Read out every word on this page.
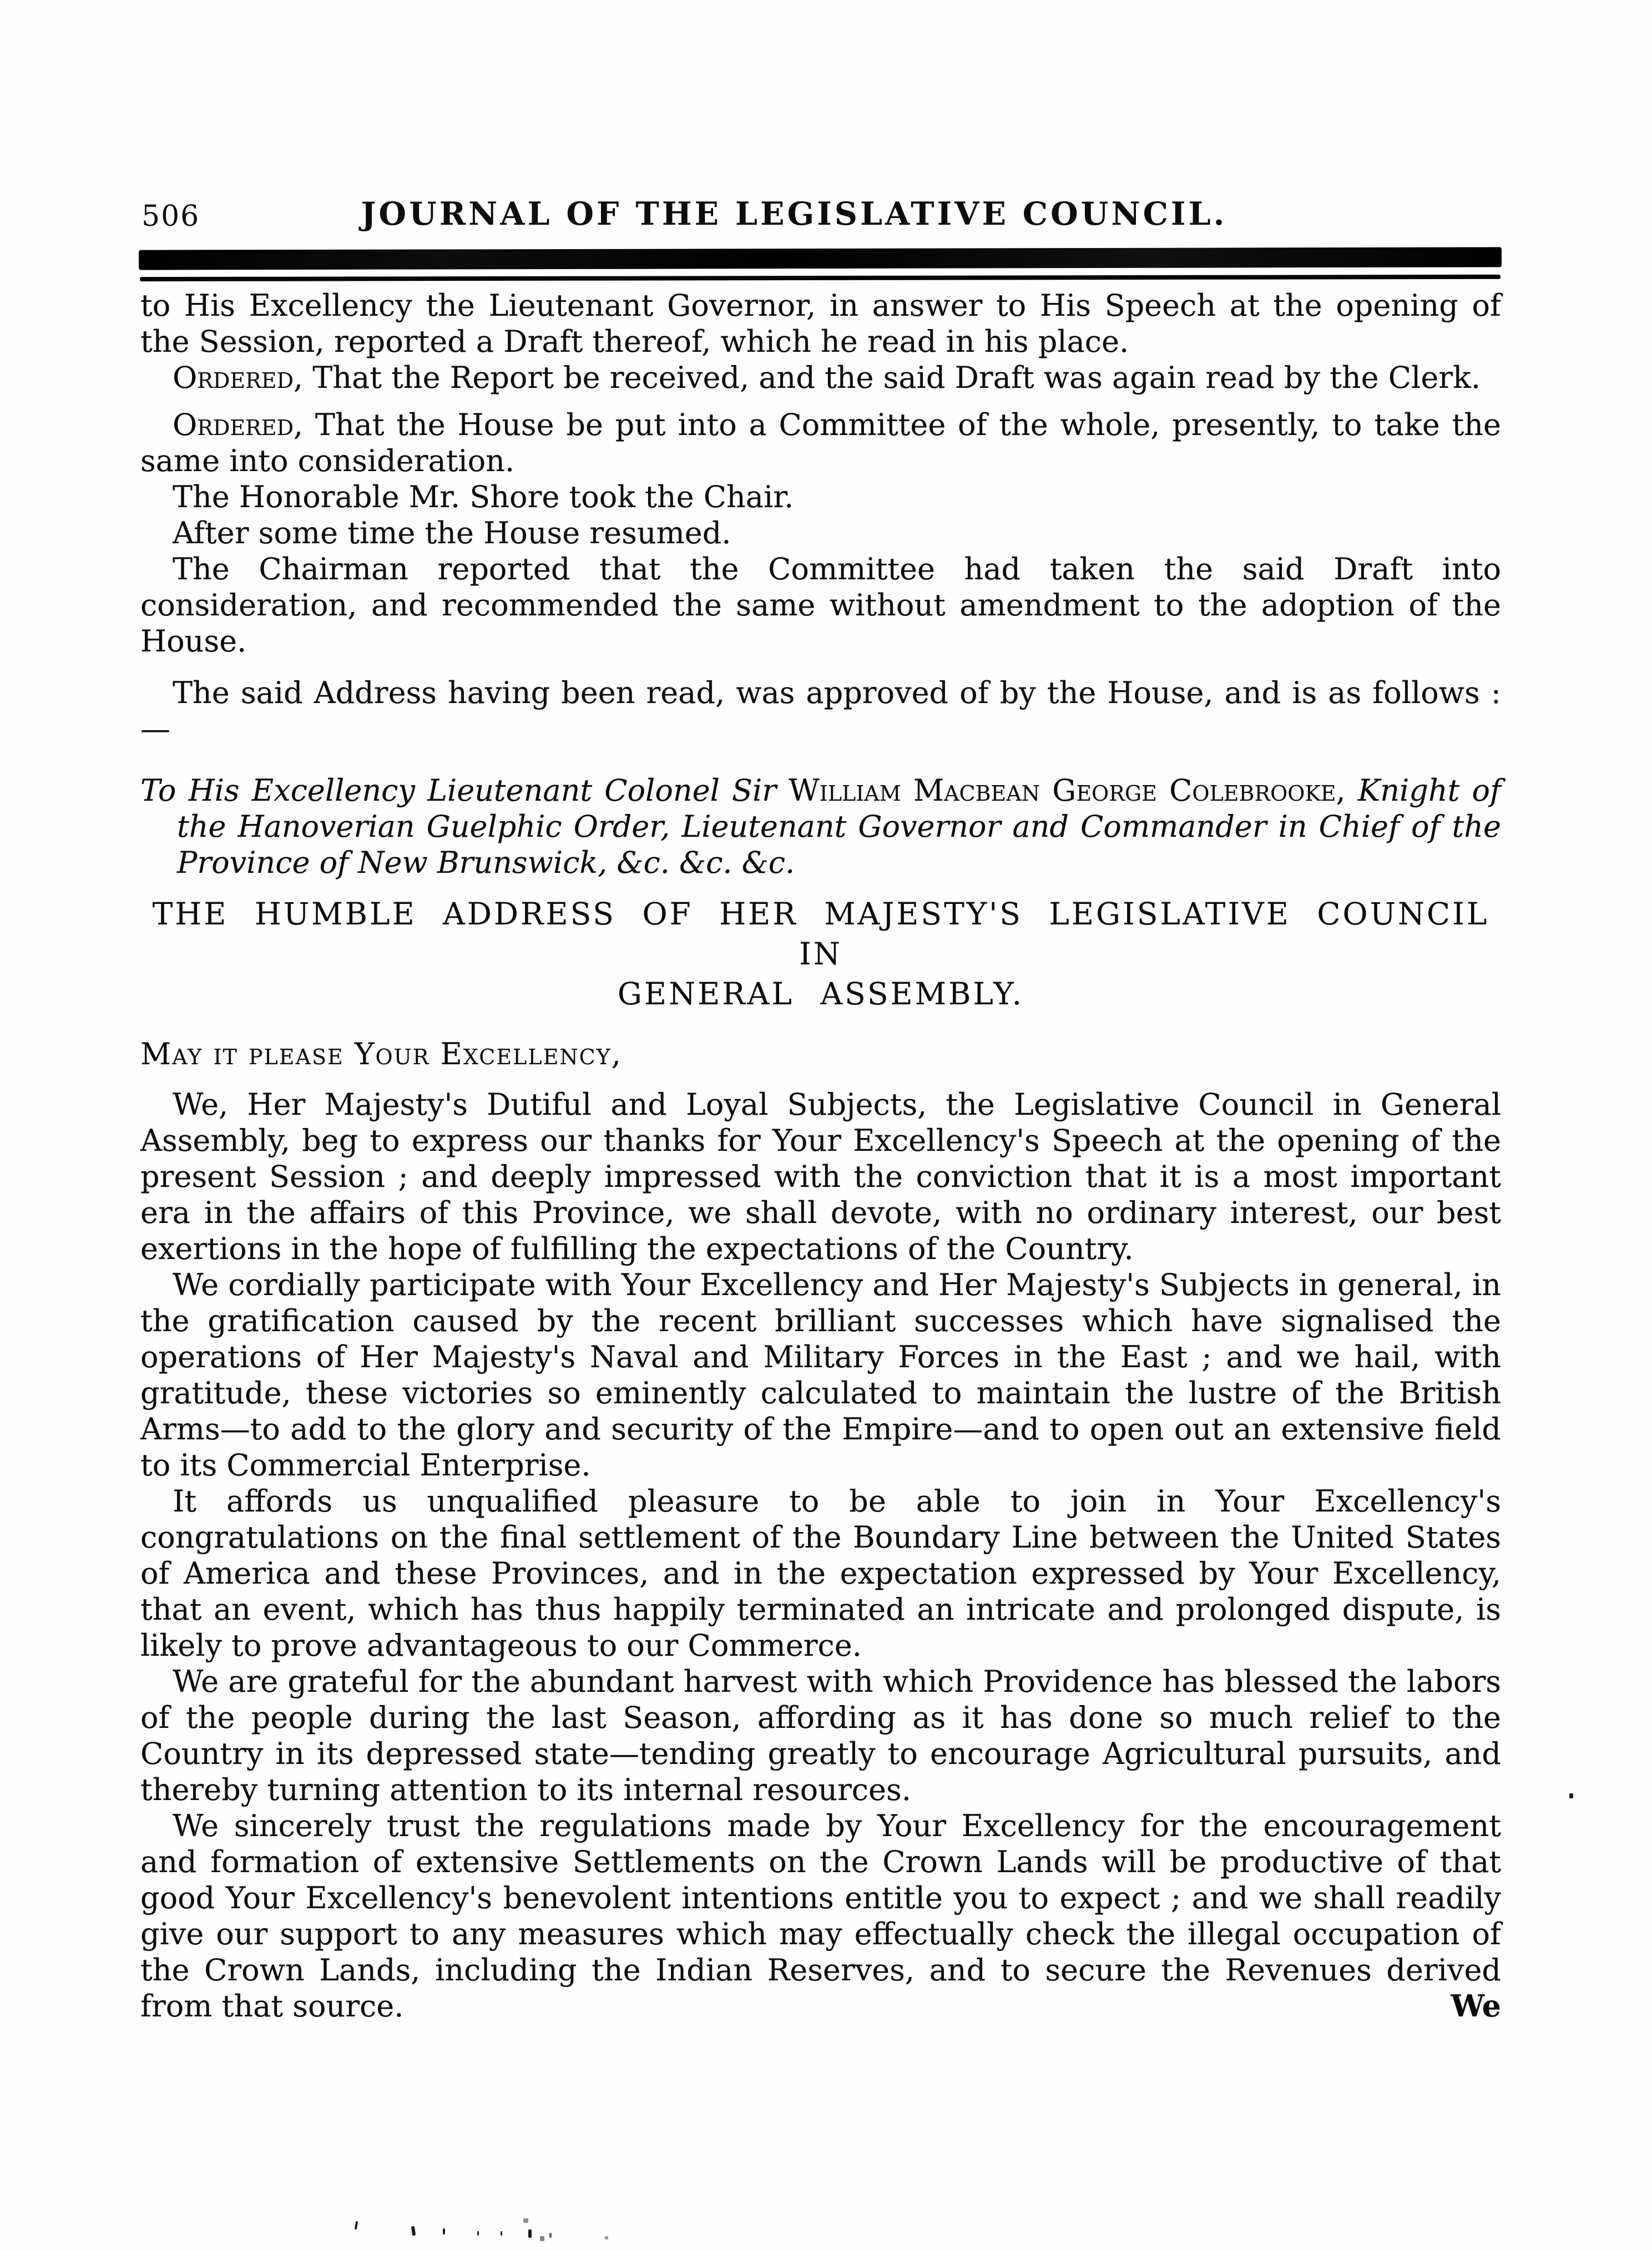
506	JOURNAL OF THE LEGISLATIVE COUNCIL.

to His Excellency the Lieutenant Governor, in answer to His Speech at the opening of the Session, reported a Draft thereof, which he read in his place.

Ordered, That the Report be received, and the said Draft was again read by the Clerk.

Ordered, That the House be put into a Committee of the whole, presently, to take the same into consideration.

The Honorable Mr. Shore took the Chair.

After some time the House resumed.

The Chairman reported that the Committee had taken the said Draft into consideration, and recommended the same without amendment to the adoption of the House.

The said Address having been read, was approved of by the House, and is as follows :—

To His Excellency Lieutenant Colonel Sir William Macbean George Colebrooke, Knight of the Hanoverian Guelphic Order, Lieutenant Governor and Commander in Chief of the Province of New Brunswick, &c. &c. &c.

THE HUMBLE ADDRESS OF HER MAJESTY'S LEGISLATIVE COUNCIL IN
GENERAL ASSEMBLY.

May it please Your Excellency,

We, Her Majesty's Dutiful and Loyal Subjects, the Legislative Council in General Assembly, beg to express our thanks for Your Excellency's Speech at the opening of the present Session ; and deeply impressed with the conviction that it is a most important era in the affairs of this Province, we shall devote, with no ordinary interest, our best exertions in the hope of fulfilling the expectations of the Country.

We cordially participate with Your Excellency and Her Majesty's Subjects in general, in the gratification caused by the recent brilliant successes which have signalised the operations of Her Majesty's Naval and Military Forces in the East ; and we hail, with gratitude, these victories so eminently calculated to maintain the lustre of the British Arms—to add to the glory and security of the Empire—and to open out an extensive field to its Commercial Enterprise.

It affords us unqualified pleasure to be able to join in Your Excellency's congratulations on the final settlement of the Boundary Line between the United States of America and these Provinces, and in the expectation expressed by Your Excellency, that an event, which has thus happily terminated an intricate and prolonged dispute, is likely to prove advantageous to our Commerce.

We are grateful for the abundant harvest with which Providence has blessed the labors of the people during the last Season, affording as it has done so much relief to the Country in its depressed state—tending greatly to encourage Agricultural pursuits, and thereby turning attention to its internal resources.

We sincerely trust the regulations made by Your Excellency for the encouragement and formation of extensive Settlements on the Crown Lands will be productive of that good Your Excellency's benevolent intentions entitle you to expect ; and we shall readily give our support to any measures which may effectually check the illegal occupation of the Crown Lands, including the Indian Reserves, and to secure the Revenues derived from that source.	We
